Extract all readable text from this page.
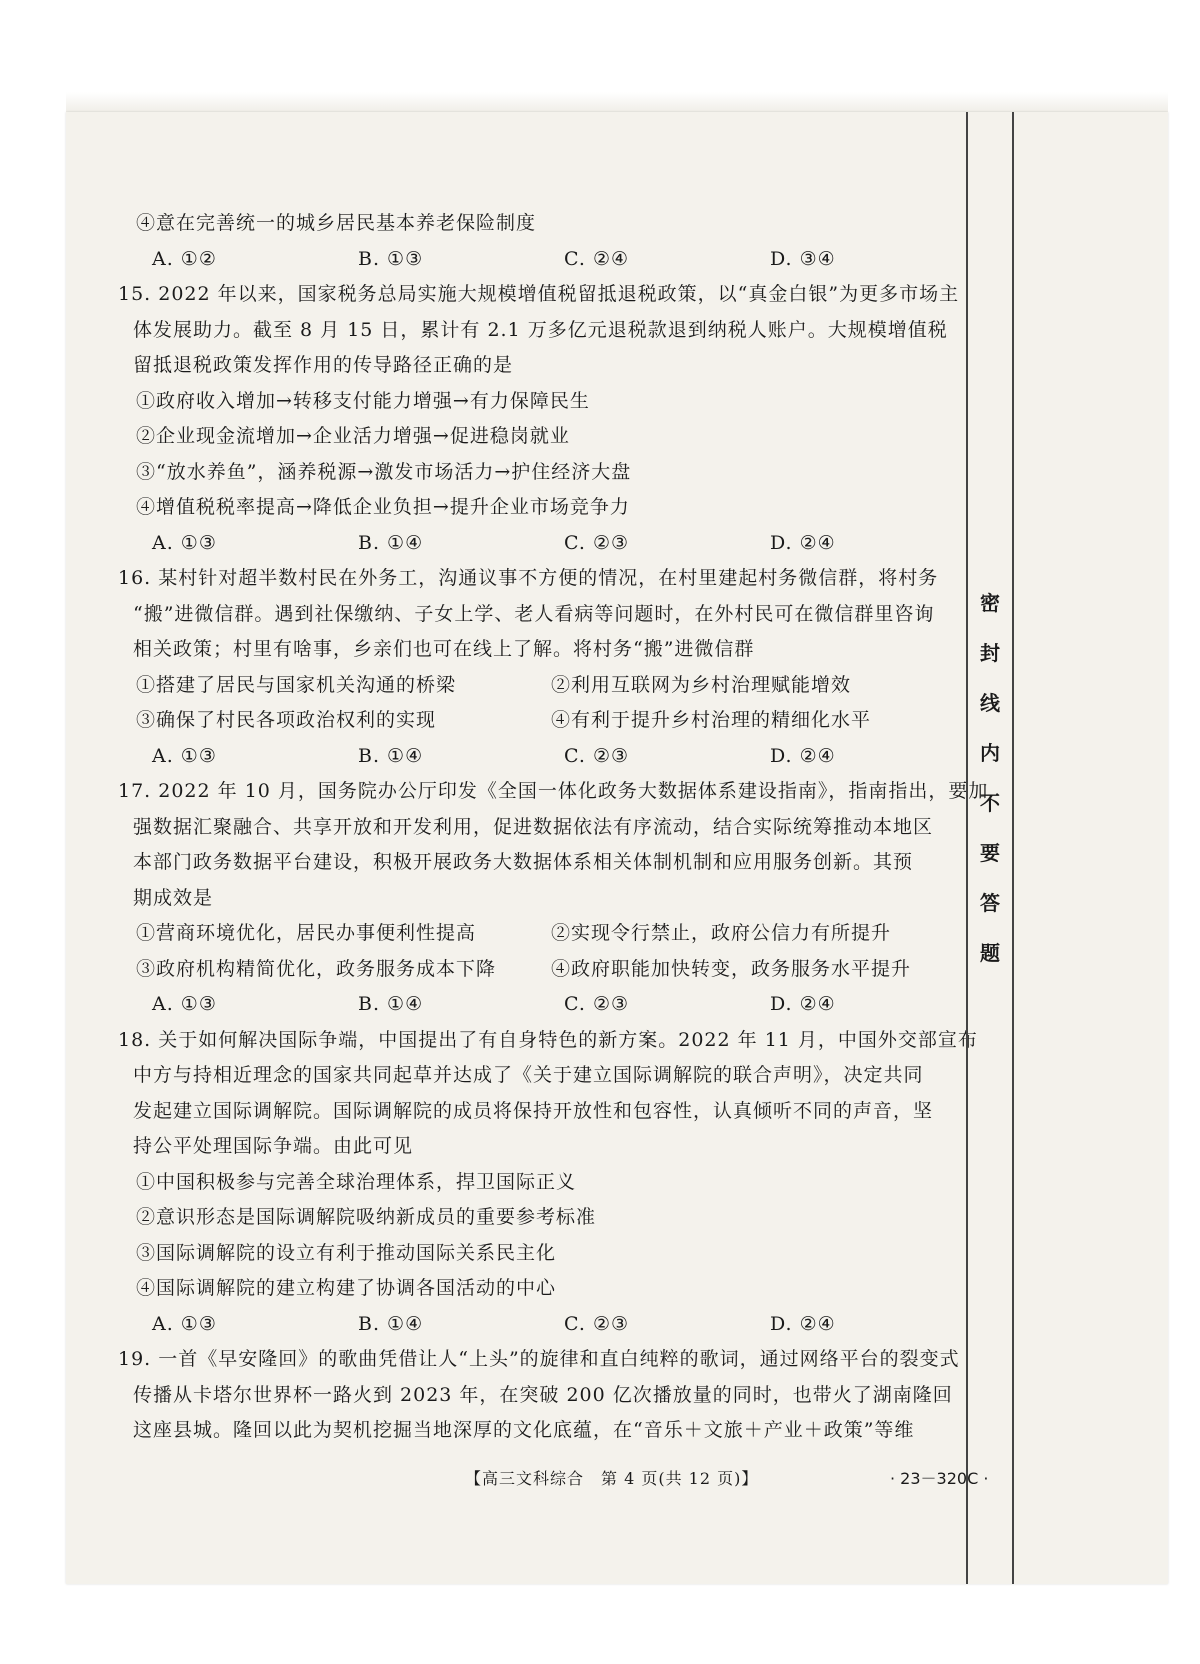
④意在完善统一的城乡居民基本养老保险制度
A. ①②	B. ①③	C. ②④	D. ③④
15. 2022 年以来，国家税务总局实施大规模增值税留抵退税政策，以“真金白银”为更多市场主
体发展助力。截至 8 月 15 日，累计有 2.1 万多亿元退税款退到纳税人账户。大规模增值税
留抵退税政策发挥作用的传导路径正确的是
①政府收入增加→转移支付能力增强→有力保障民生
②企业现金流增加→企业活力增强→促进稳岗就业
③“放水养鱼”，涵养税源→激发市场活力→护住经济大盘
④增值税税率提高→降低企业负担→提升企业市场竞争力
A. ①③	B. ①④	C. ②③	D. ②④
16. 某村针对超半数村民在外务工，沟通议事不方便的情况，在村里建起村务微信群，将村务
“搬”进微信群。遇到社保缴纳、子女上学、老人看病等问题时，在外村民可在微信群里咨询
相关政策；村里有啥事，乡亲们也可在线上了解。将村务“搬”进微信群
①搭建了居民与国家机关沟通的桥梁	②利用互联网为乡村治理赋能增效
③确保了村民各项政治权利的实现	④有利于提升乡村治理的精细化水平
A. ①③	B. ①④	C. ②③	D. ②④
17. 2022 年 10 月，国务院办公厅印发《全国一体化政务大数据体系建设指南》，指南指出，要加
强数据汇聚融合、共享开放和开发利用，促进数据依法有序流动，结合实际统筹推动本地区
本部门政务数据平台建设，积极开展政务大数据体系相关体制机制和应用服务创新。其预
期成效是
①营商环境优化，居民办事便利性提高	②实现令行禁止，政府公信力有所提升
③政府机构精简优化，政务服务成本下降	④政府职能加快转变，政务服务水平提升
A. ①③	B. ①④	C. ②③	D. ②④
18. 关于如何解决国际争端，中国提出了有自身特色的新方案。2022 年 11 月，中国外交部宣布
中方与持相近理念的国家共同起草并达成了《关于建立国际调解院的联合声明》，决定共同
发起建立国际调解院。国际调解院的成员将保持开放性和包容性，认真倾听不同的声音，坚
持公平处理国际争端。由此可见
①中国积极参与完善全球治理体系，捍卫国际正义
②意识形态是国际调解院吸纳新成员的重要参考标准
③国际调解院的设立有利于推动国际关系民主化
④国际调解院的建立构建了协调各国活动的中心
A. ①③	B. ①④	C. ②③	D. ②④
19. 一首《早安隆回》的歌曲凭借让人“上头”的旋律和直白纯粹的歌词，通过网络平台的裂变式
传播从卡塔尔世界杯一路火到 2023 年，在突破 200 亿次播放量的同时，也带火了湖南隆回
这座县城。隆回以此为契机挖掘当地深厚的文化底蕴，在“音乐＋文旅＋产业＋政策”等维
【高三文科综合　第 4 页(共 12 页)】	· 23－320C ·
密
封
线
内
不
要
答
题
